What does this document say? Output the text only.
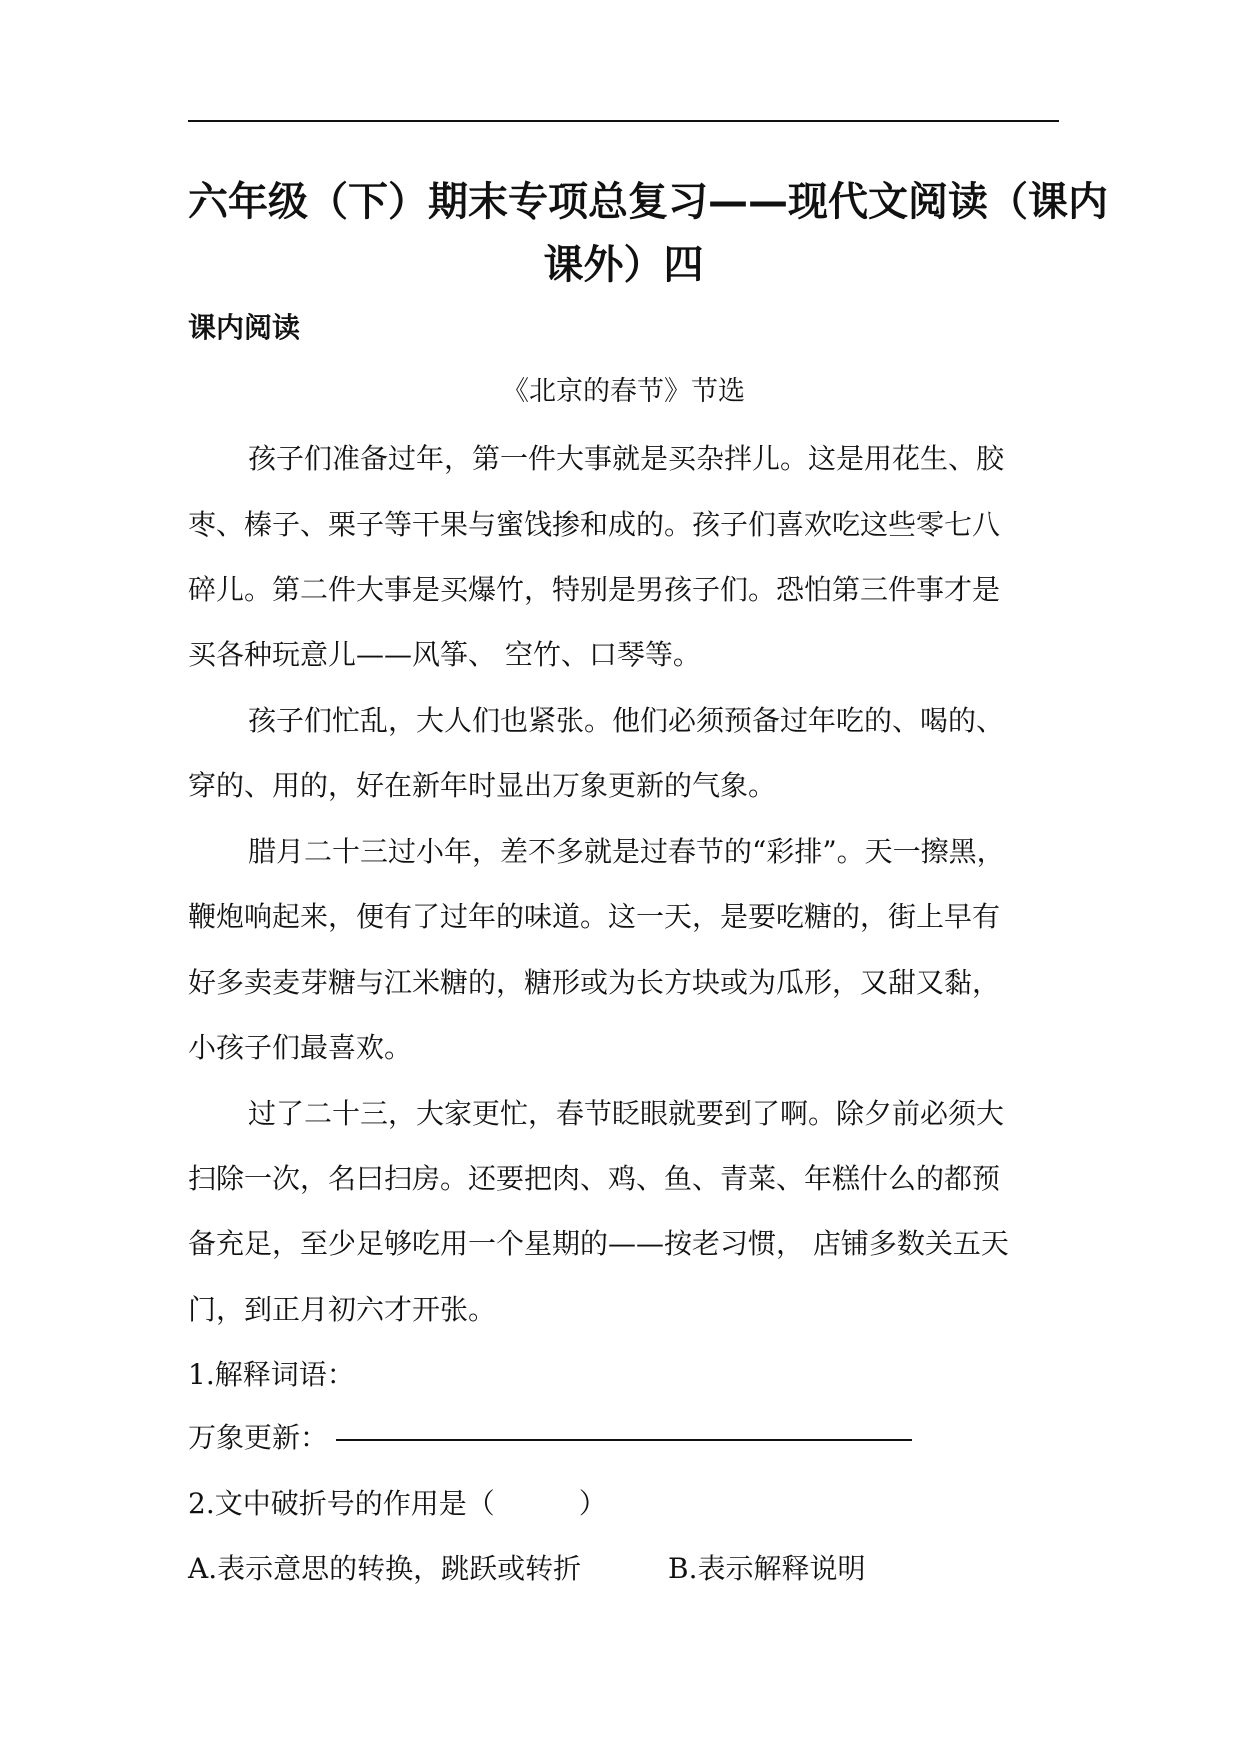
六年级（下）期末专项总复习——现代文阅读（课内
课外）四
课内阅读
《北京的春节》节选
孩子们准备过年，第一件大事就是买杂拌儿。这是用花生、胶
枣、榛子、栗子等干果与蜜饯掺和成的。孩子们喜欢吃这些零七八
碎儿。第二件大事是买爆竹，特别是男孩子们。恐怕第三件事才是
买各种玩意儿——风筝、 空竹、口琴等。
孩子们忙乱，大人们也紧张。他们必须预备过年吃的、喝的、
穿的、用的，好在新年时显出万象更新的气象。
腊月二十三过小年，差不多就是过春节的“彩排”。天一擦黑，
鞭炮响起来，便有了过年的味道。这一天，是要吃糖的，街上早有
好多卖麦芽糖与江米糖的，糖形或为长方块或为瓜形，又甜又黏，
小孩子们最喜欢。
过了二十三，大家更忙，春节眨眼就要到了啊。除夕前必须大
扫除一次，名曰扫房。还要把肉、鸡、鱼、青菜、年糕什么的都预
备充足，至少足够吃用一个星期的——按老习惯， 店铺多数关五天
门，到正月初六才开张。
1.解释词语：
万象更新：
2.文中破折号的作用是（　　　）
A.表示意思的转换，跳跃或转折	B.表示解释说明
